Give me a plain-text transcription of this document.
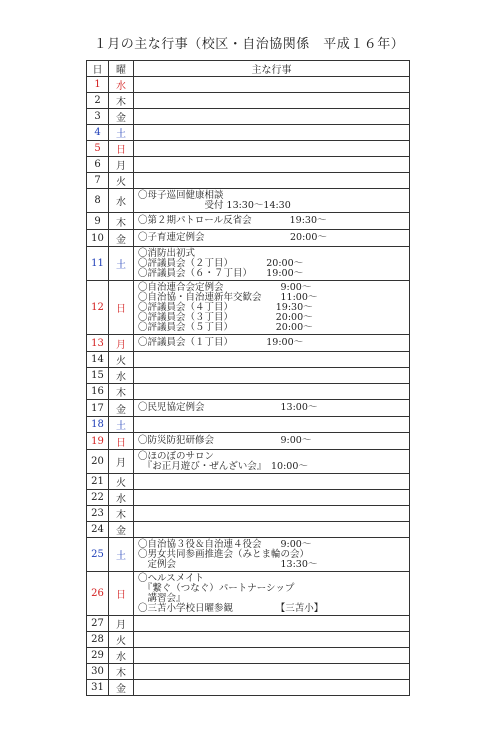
１月の主な行事（校区・自治協関係　平成１６年）
日	曜	主な行事
1	水	
2	木	
3	金	
4	土	
5	日	
6	月	
7	火	
8	水	〇母子巡回健康相談
　　　　　　　受付 13:30～14:30

9	木	〇第２期パトロール反省会　　　　19:30～

10	金	〇子育連定例会　　　　　　　　　20:00～

11	土	〇消防出初式
〇評議員会（２丁目）　　　　20:00～
〇評議員会（６・７丁目）　　19:00～

12	日	〇自治連合会定例会　　　　　　9:00～
〇自治協・自治連新年交歓会　　11:00～
〇評議員会（４丁目）　　　　　19:30～
〇評議員会（３丁目）　　　　　20:00～
〇評議員会（５丁目）　　　　　20:00～

13	月	〇評議員会（１丁目）　　　　19:00～

14	火	
15	水	
16	木	
17	金	〇民児協定例会　　　　　　　　13:00～

18	土	
19	日	〇防災防犯研修会　　　　　　　9:00～

20	月	〇ほのぼのサロン
　『お正月遊び・ぜんざい会』　10:00～

21	火	
22	水	
23	木	
24	金	
25	土	〇自治協３役＆自治連４役会　　9:00～
〇男女共同参画推進会（みとま輪の会）
　定例会　　　　　　　　　　　13:30～

26	日	〇ヘルスメイト
　『繋ぐ（つなぐ）パートナーシップ
　講習会』
〇三苫小学校日曜参観　　　　　【三苫小】

27	月	
28	火	
29	水	
30	木	
31	金	
